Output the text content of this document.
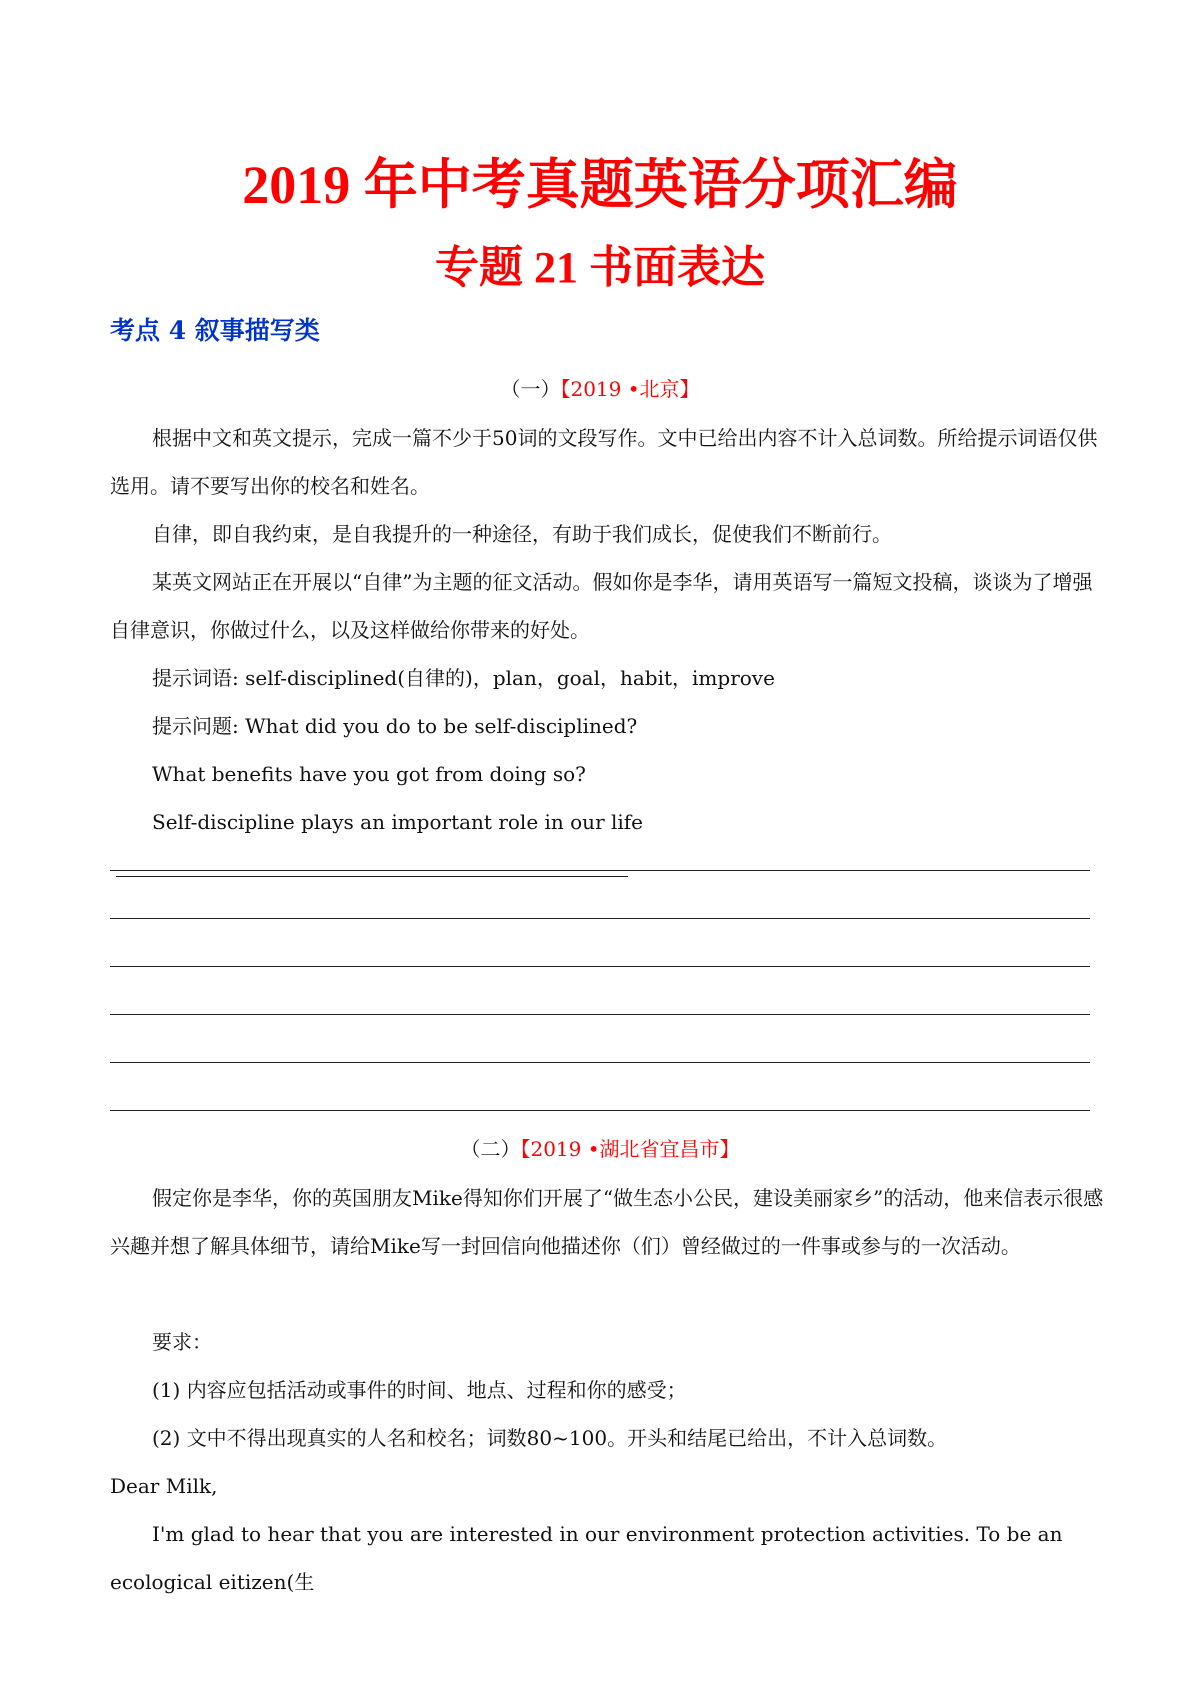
2019 年中考真题英语分项汇编
专题 21 书面表达
考点 4 叙事描写类
（一）【2019 •北京】
根据中文和英文提示，完成一篇不少于50词的文段写作。文中已给出内容不计入总词数。所给提示词语仅供选用。请不要写出你的校名和姓名。
自律，即自我约束，是自我提升的一种途径，有助于我们成长，促使我们不断前行。
某英文网站正在开展以“自律”为主题的征文活动。假如你是李华，请用英语写一篇短文投稿，谈谈为了增强自律意识，你做过什么，以及这样做给你带来的好处。
提示词语: self-disciplined(自律的)，plan，goal，habit，improve
提示问题: What did you do to be self-disciplined?
What benefits have you got from doing so?
Self-discipline plays an important role in our life
（二）【2019 •湖北省宜昌市】
假定你是李华，你的英国朋友Mike得知你们开展了“做生态小公民，建设美丽家乡”的活动，他来信表示很感兴趣并想了解具体细节，请给Mike写一封回信向他描述你（们）曾经做过的一件事或参与的一次活动。
要求：
(1) 内容应包括活动或事件的时间、地点、过程和你的感受；
(2) 文中不得出现真实的人名和校名；词数80~100。开头和结尾已给出，不计入总词数。
Dear Milk,
I'm glad to hear that you are interested in our environment protection activities. To be an ecological eitizen(生
